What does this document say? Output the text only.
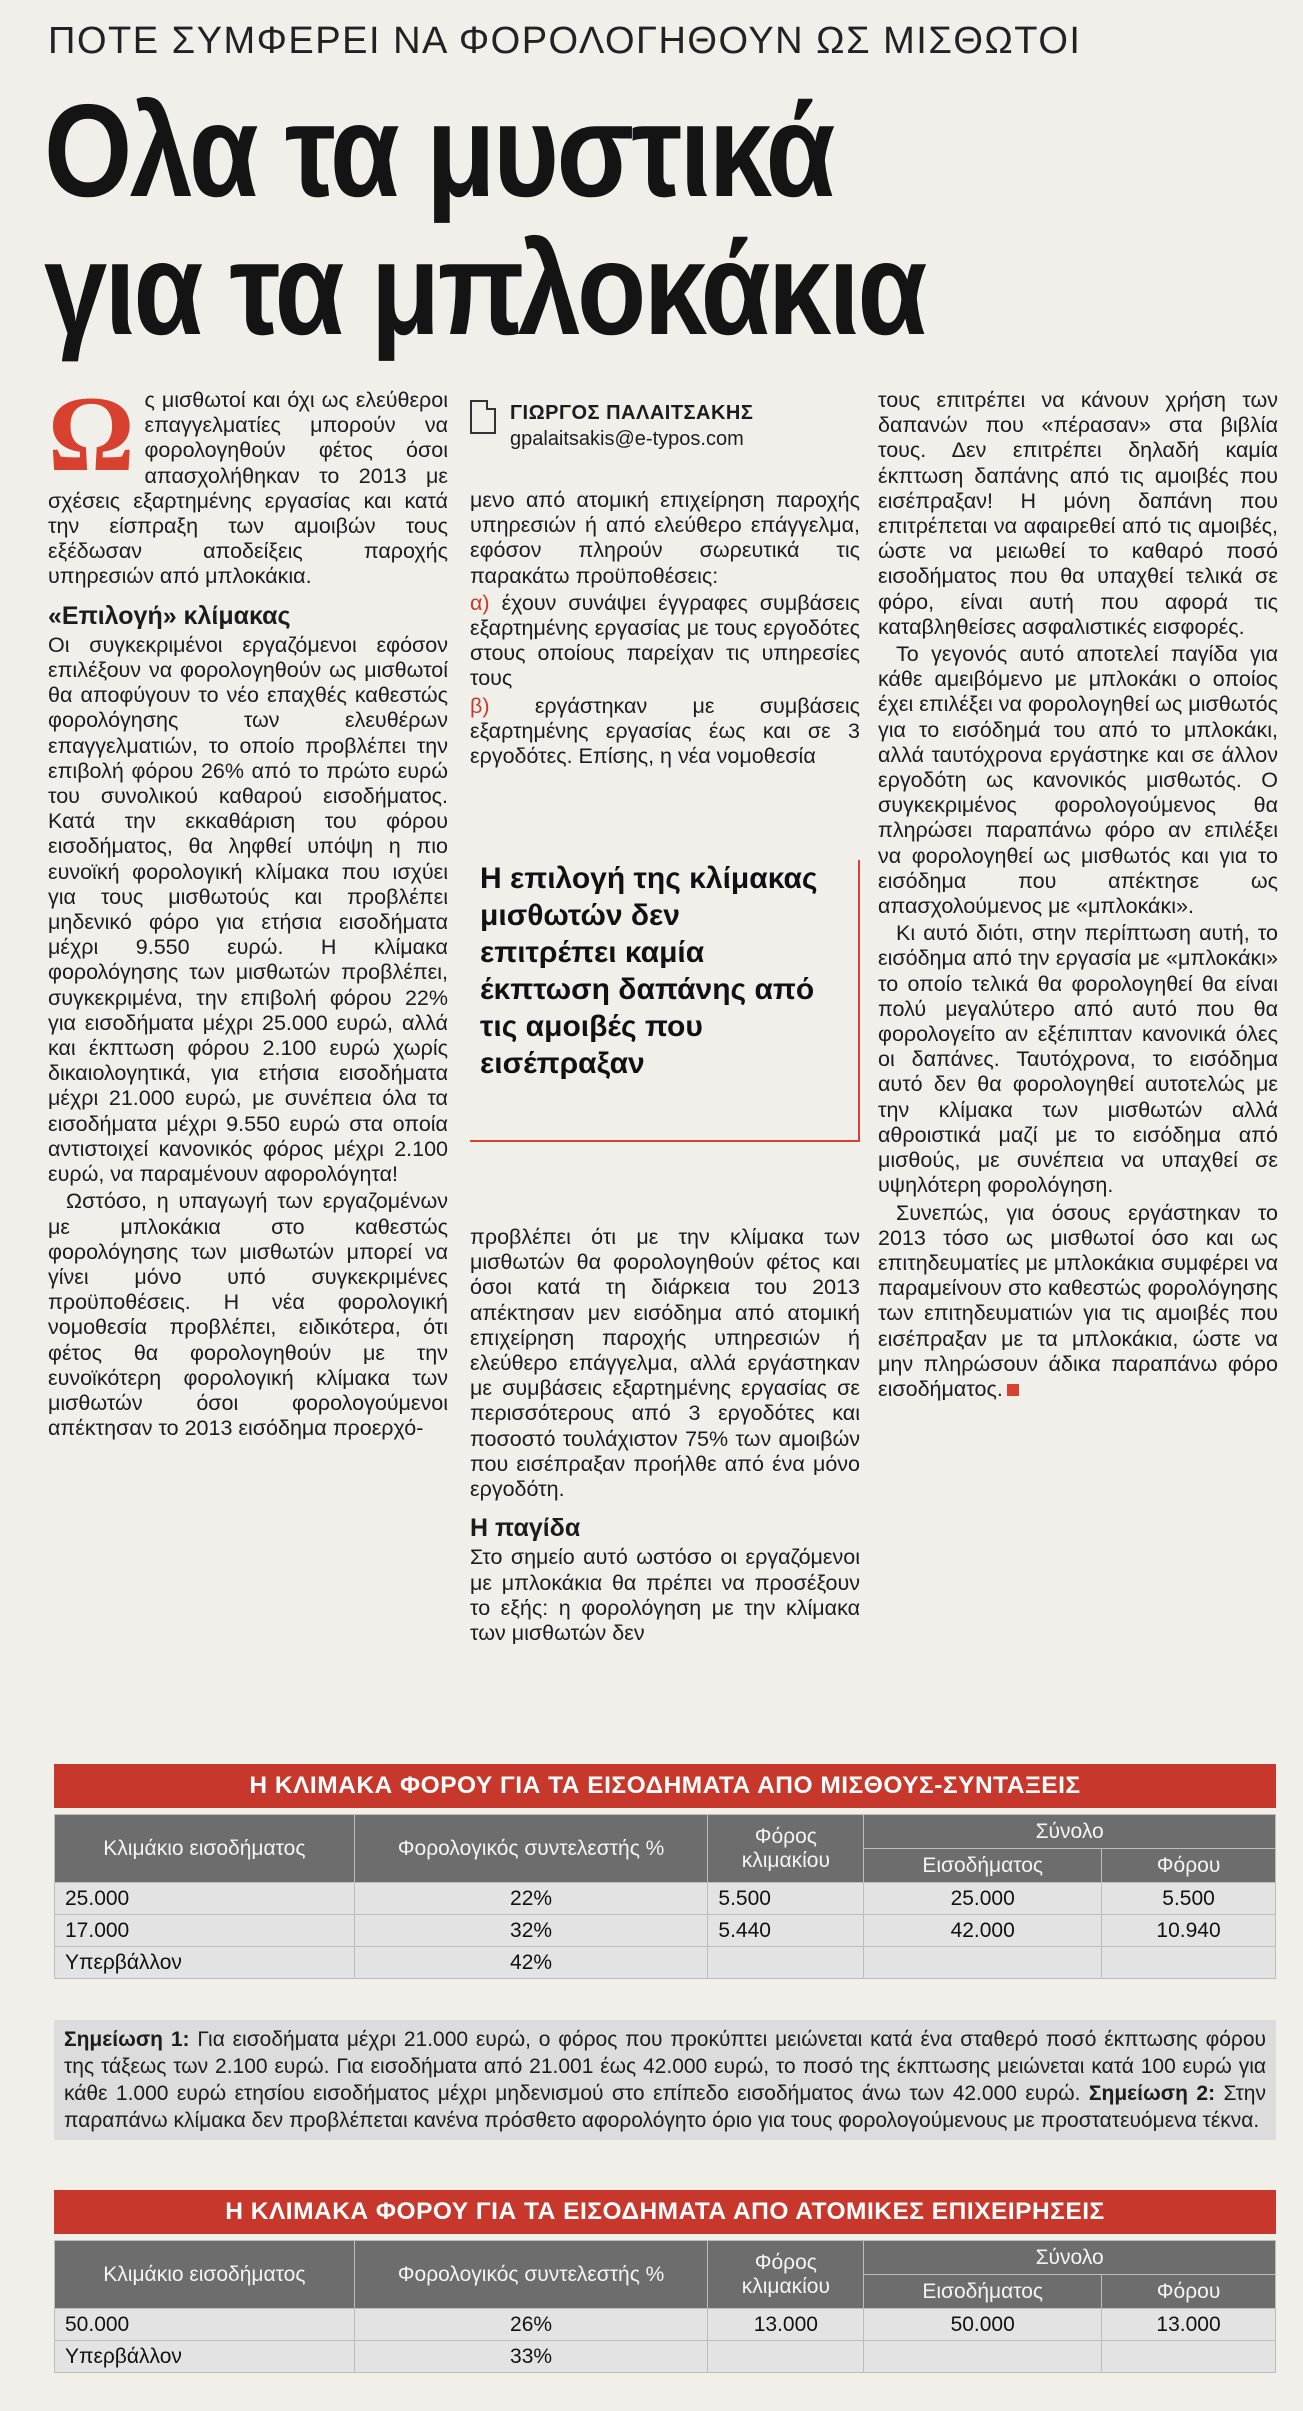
ΠΟΤΕ ΣΥΜΦΕΡΕΙ ΝΑ ΦΟΡΟΛΟΓΗΘΟΥΝ ΩΣ ΜΙΣΘΩΤΟΙ
Ολα τα μυστικά
για τα μπλοκάκια

Ως μισθωτοί και όχι ως ελεύθεροι επαγγελματίες μπορούν να φορολογηθούν φέτος όσοι απασχολήθηκαν το 2013 με σχέσεις εξαρτημένης εργασίας και κατά την είσπραξη των αμοιβών τους εξέδωσαν αποδείξεις παροχής υπηρεσιών από μπλοκάκια.

«Επιλογή» κλίμακας

Οι συγκεκριμένοι εργαζόμενοι εφόσον επιλέξουν να φορολογηθούν ως μισθωτοί θα αποφύγουν το νέο επαχθές καθεστώς φορολόγησης των ελευθέρων επαγγελματιών, το οποίο προβλέπει την επιβολή φόρου 26% από το πρώτο ευρώ του συνολικού καθαρού εισοδήματος. Κατά την εκκαθάριση του φόρου εισοδήματος, θα ληφθεί υπόψη η πιο ευνοϊκή φορολογική κλίμακα που ισχύει για τους μισθωτούς και προβλέπει μηδενικό φόρο για ετήσια εισοδήματα μέχρι 9.550 ευρώ. Η κλίμακα φορολόγησης των μισθωτών προβλέπει, συγκεκριμένα, την επιβολή φόρου 22% για εισοδήματα μέχρι 25.000 ευρώ, αλλά και έκπτωση φόρου 2.100 ευρώ χωρίς δικαιολογητικά, για ετήσια εισοδήματα μέχρι 21.000 ευρώ, με συνέπεια όλα τα εισοδήματα μέχρι 9.550 ευρώ στα οποία αντιστοιχεί κανονικός φόρος μέχρι 2.100 ευρώ, να παραμένουν αφορολόγητα!

Ωστόσο, η υπαγωγή των εργαζομένων με μπλοκάκια στο καθεστώς φορολόγησης των μισθωτών μπορεί να γίνει μόνο υπό συγκεκριμένες προϋποθέσεις. Η νέα φορολογική νομοθεσία προβλέπει, ειδικότερα, ότι φέτος θα φορολογηθούν με την ευνοϊκότερη φορολογική κλίμακα των μισθωτών όσοι φορολογούμενοι απέκτησαν το 2013 εισόδημα προερχό-

ΓΙΩΡΓΟΣ ΠΑΛΑΙΤΣΑΚΗΣ
gpalaitsakis@e-typos.com

μενο από ατομική επιχείρηση παροχής υπηρεσιών ή από ελεύθερο επάγγελμα, εφόσον πληρούν σωρευτικά τις παρακάτω προϋποθέσεις:

α) έχουν συνάψει έγγραφες συμβάσεις εξαρτημένης εργασίας με τους εργοδότες στους οποίους παρείχαν τις υπηρεσίες τους

β) εργάστηκαν με συμβάσεις εξαρτημένης εργασίας έως και σε 3 εργοδότες. Επίσης, η νέα νομοθεσία

Η επιλογή της κλίμακας μισθωτών δεν επιτρέπει καμία έκπτωση δαπάνης από τις αμοιβές που εισέπραξαν

προβλέπει ότι με την κλίμακα των μισθωτών θα φορολογηθούν φέτος και όσοι κατά τη διάρκεια του 2013 απέκτησαν μεν εισόδημα από ατομική επιχείρηση παροχής υπηρεσιών ή ελεύθερο επάγγελμα, αλλά εργάστηκαν με συμβάσεις εξαρτημένης εργασίας σε περισσότερους από 3 εργοδότες και ποσοστό τουλάχιστον 75% των αμοιβών που εισέπραξαν προήλθε από ένα μόνο εργοδότη.

Η παγίδα

Στο σημείο αυτό ωστόσο οι εργαζόμενοι με μπλοκάκια θα πρέπει να προσέξουν το εξής: η φορολόγηση με την κλίμακα των μισθωτών δεν

τους επιτρέπει να κάνουν χρήση των δαπανών που «πέρασαν» στα βιβλία τους. Δεν επιτρέπει δηλαδή καμία έκπτωση δαπάνης από τις αμοιβές που εισέπραξαν! Η μόνη δαπάνη που επιτρέπεται να αφαιρεθεί από τις αμοιβές, ώστε να μειωθεί το καθαρό ποσό εισοδήματος που θα υπαχθεί τελικά σε φόρο, είναι αυτή που αφορά τις καταβληθείσες ασφαλιστικές εισφορές.

Το γεγονός αυτό αποτελεί παγίδα για κάθε αμειβόμενο με μπλοκάκι ο οποίος έχει επιλέξει να φορολογηθεί ως μισθωτός για το εισόδημά του από το μπλοκάκι, αλλά ταυτόχρονα εργάστηκε και σε άλλον εργοδότη ως κανονικός μισθωτός. Ο συγκεκριμένος φορολογούμενος θα πληρώσει παραπάνω φόρο αν επιλέξει να φορολογηθεί ως μισθωτός και για το εισόδημα που απέκτησε ως απασχολούμενος με «μπλοκάκι».

Κι αυτό διότι, στην περίπτωση αυτή, το εισόδημα από την εργασία με «μπλοκάκι» το οποίο τελικά θα φορολογηθεί θα είναι πολύ μεγαλύτερο από αυτό που θα φορολογείτο αν εξέπιπταν κανονικά όλες οι δαπάνες. Ταυτόχρονα, το εισόδημα αυτό δεν θα φορολογηθεί αυτοτελώς με την κλίμακα των μισθωτών αλλά αθροιστικά μαζί με το εισόδημα από μισθούς, με συνέπεια να υπαχθεί σε υψηλότερη φορολόγηση.

Συνεπώς, για όσους εργάστηκαν το 2013 τόσο ως μισθωτοί όσο και ως επιτηδευματίες με μπλοκάκια συμφέρει να παραμείνουν στο καθεστώς φορολόγησης των επιτηδευματιών για τις αμοιβές που εισέπραξαν με τα μπλοκάκια, ώστε να μην πληρώσουν άδικα παραπάνω φόρο εισοδήματος.

Η ΚΛΙΜΑΚΑ ΦΟΡΟΥ ΓΙΑ ΤΑ ΕΙΣΟΔΗΜΑΤΑ ΑΠΟ ΜΙΣΘΟΥΣ-ΣΥΝΤΑΞΕΙΣ
Κλιμάκιο εισοδήματος	Φορολογικός συντελεστής %	Φόρος κλιμακίου	Σύνολο	
			Εισοδήματος	Φόρου
25.000	22%	5.500	25.000	5.500
17.000	32%	5.440	42.000	10.940
Υπερβάλλον	42%			
Σημείωση 1: Για εισοδήματα μέχρι 21.000 ευρώ, ο φόρος που προκύπτει μειώνεται κατά ένα σταθερό ποσό έκπτωσης φόρου της τάξεως των 2.100 ευρώ. Για εισοδήματα από 21.001 έως 42.000 ευρώ, το ποσό της έκπτωσης μειώνεται κατά 100 ευρώ για κάθε 1.000 ευρώ ετησίου εισοδήματος μέχρι μηδενισμού στο επίπεδο εισοδήματος άνω των 42.000 ευρώ. Σημείωση 2: Στην παραπάνω κλίμακα δεν προβλέπεται κανένα πρόσθετο αφορολόγητο όριο για τους φορολογούμενους με προστατευόμενα τέκνα.
Η ΚΛΙΜΑΚΑ ΦΟΡΟΥ ΓΙΑ ΤΑ ΕΙΣΟΔΗΜΑΤΑ ΑΠΟ ΑΤΟΜΙΚΕΣ ΕΠΙΧΕΙΡΗΣΕΙΣ
Κλιμάκιο εισοδήματος	Φορολογικός συντελεστής %	Φόρος κλιμακίου	Σύνολο	
			Εισοδήματος	Φόρου
50.000	26%	13.000	50.000	13.000
Υπερβάλλον	33%			
